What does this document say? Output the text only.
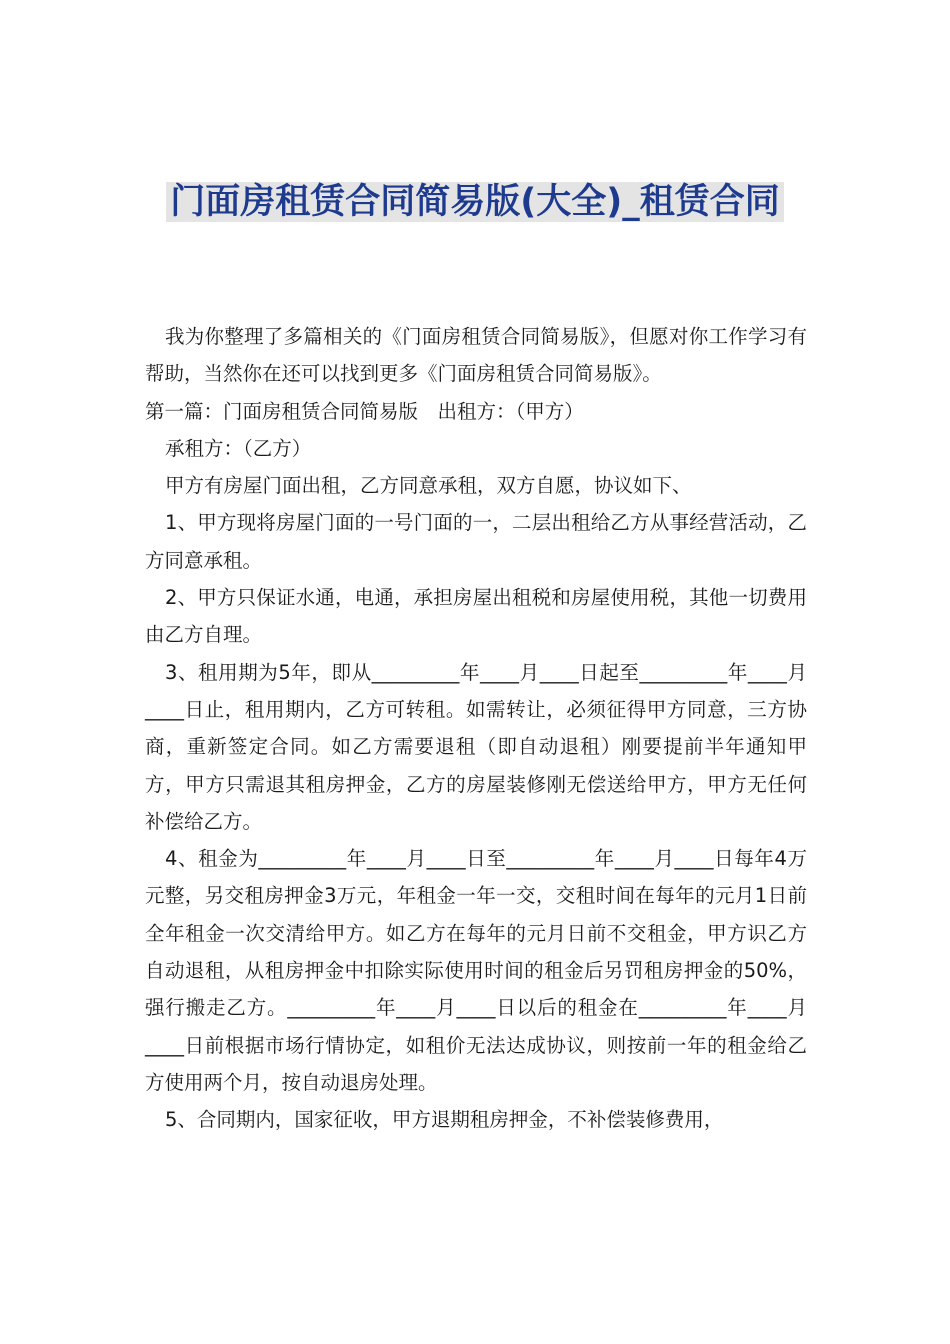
门面房租赁合同简易版(大全)_租赁合同

我为你整理了多篇相关的《门面房租赁合同简易版》，但愿对你工作学习有帮助，当然你在还可以找到更多《门面房租赁合同简易版》。

第一篇：门面房租赁合同简易版　出租方：（甲方）

承租方：（乙方）

甲方有房屋门面出租，乙方同意承租，双方自愿，协议如下、

1、甲方现将房屋门面的一号门面的一，二层出租给乙方从事经营活动，乙方同意承租。

2、甲方只保证水通，电通，承担房屋出租税和房屋使用税，其他一切费用由乙方自理。

3、租用期为5年，即从_________年____月____日起至_________年____月____日止，租用期内，乙方可转租。如需转让，必须征得甲方同意，三方协商，重新签定合同。如乙方需要退租（即自动退租）刚要提前半年通知甲方，甲方只需退其租房押金，乙方的房屋装修刚无偿送给甲方，甲方无任何补偿给乙方。

4、租金为_________年____月____日至_________年____月____日每年4万元整，另交租房押金3万元，年租金一年一交，交租时间在每年的元月1日前全年租金一次交清给甲方。如乙方在每年的元月日前不交租金，甲方识乙方自动退租，从租房押金中扣除实际使用时间的租金后另罚租房押金的50%，强行搬走乙方。_________年____月____日以后的租金在_________年____月____日前根据市场行情协定，如租价无法达成协议，则按前一年的租金给乙方使用两个月，按自动退房处理。

5、合同期内，国家征收，甲方退期租房押金，不补偿装修费用，
